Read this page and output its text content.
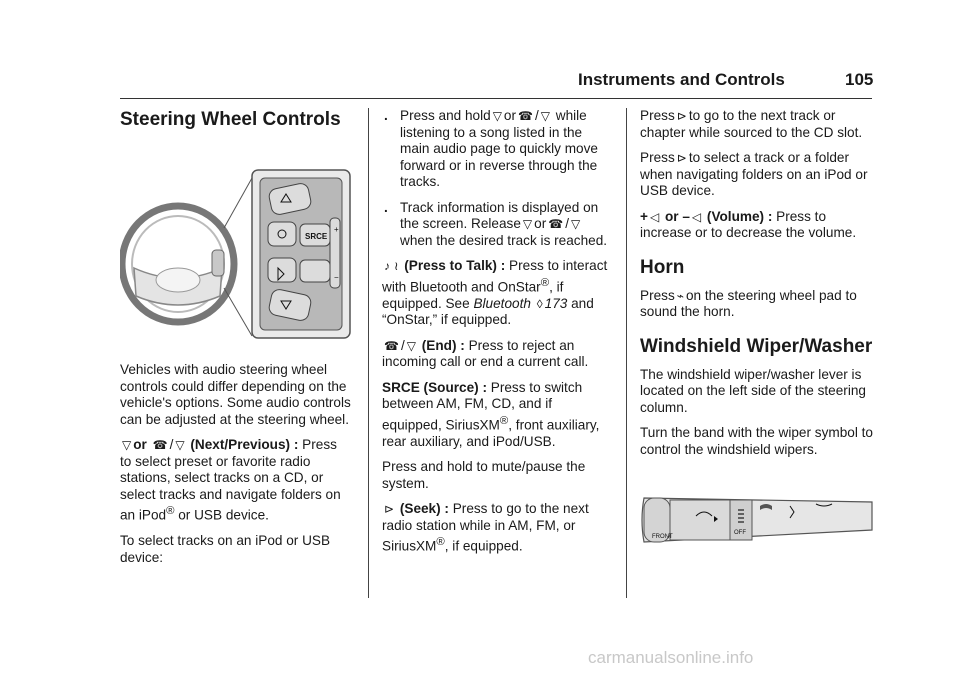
Instruments and Controls	105
Steering Wheel Controls
SRCE
+
−

Vehicles with audio steering wheel controls could differ depending on the vehicle's options. Some audio controls can be adjusted at the steering wheel.

▽ or ☎ / ▽ (Next/Previous) : Press to select preset or favorite radio stations, select tracks on a CD, or select tracks and navigate folders on an iPod® or USB device.

To select tracks on an iPod or USB device:

. Press and hold ▽ or ☎ / ▽ while listening to a song listed in the main audio page to quickly move forward or in reverse through the tracks.
. Track information is displayed on the screen. Release ▽ or ☎ / ▽ when the desired track is reached.

♪ ≀ (Press to Talk) : Press to interact with Bluetooth and OnStar®, if equipped. See Bluetooth ◊ 173 and “OnStar,” if equipped.

☎ / ▽ (End) : Press to reject an incoming call or end a current call.

SRCE (Source) : Press to switch between AM, FM, CD, and if equipped, SiriusXM®, front auxiliary, rear auxiliary, and iPod/USB.

Press and hold to mute/pause the system.

⊳ (Seek) : Press to go to the next radio station while in AM, FM, or SiriusXM®, if equipped.

Press ⊳ to go to the next track or chapter while sourced to the CD slot.

Press ⊳ to select a track or a folder when navigating folders on an iPod or USB device.

+ ◁ or – ◁ (Volume) : Press to increase or to decrease the volume.

Horn

Press ⌁ on the steering wheel pad to sound the horn.

Windshield Wiper/Washer

The windshield wiper/washer lever is located on the left side of the steering column.

Turn the band with the wiper symbol to control the windshield wipers.

FRONT
OFF
carmanualsonline.info
